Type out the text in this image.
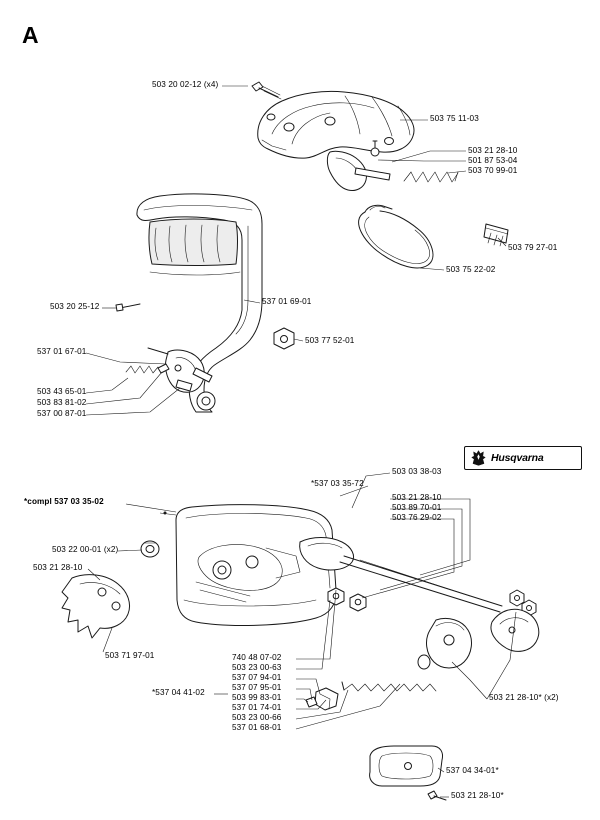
A
503 20 02-12 (x4)
503 75 11-03
503 21 28-10
501 87 53-04
503 70 99-01
503 79 27-01
503 75 22-02
537 01 69-01
503 20 25-12
503 77 52-01
537 01 67-01
503 43 65-01
503 83 81-02
537 00 87-01
503 03 38-03
*537 03 35-72
503 21 28-10
503 89 70-01
503 76 29-02
*compl 537 03 35-02
503 22 00-01 (x2)
503 21 28-10
503 71 97-01	740 48 07-02
503 23 00-63
537 07 94-01
537 07 95-01
503 99 83-01
537 01 74-01
503 23 00-66
537 01 68-01
*537 04 41-02
503 21 28-10* (x2)
537 04 34-01*
503 21 28-10*
Husqvarna
